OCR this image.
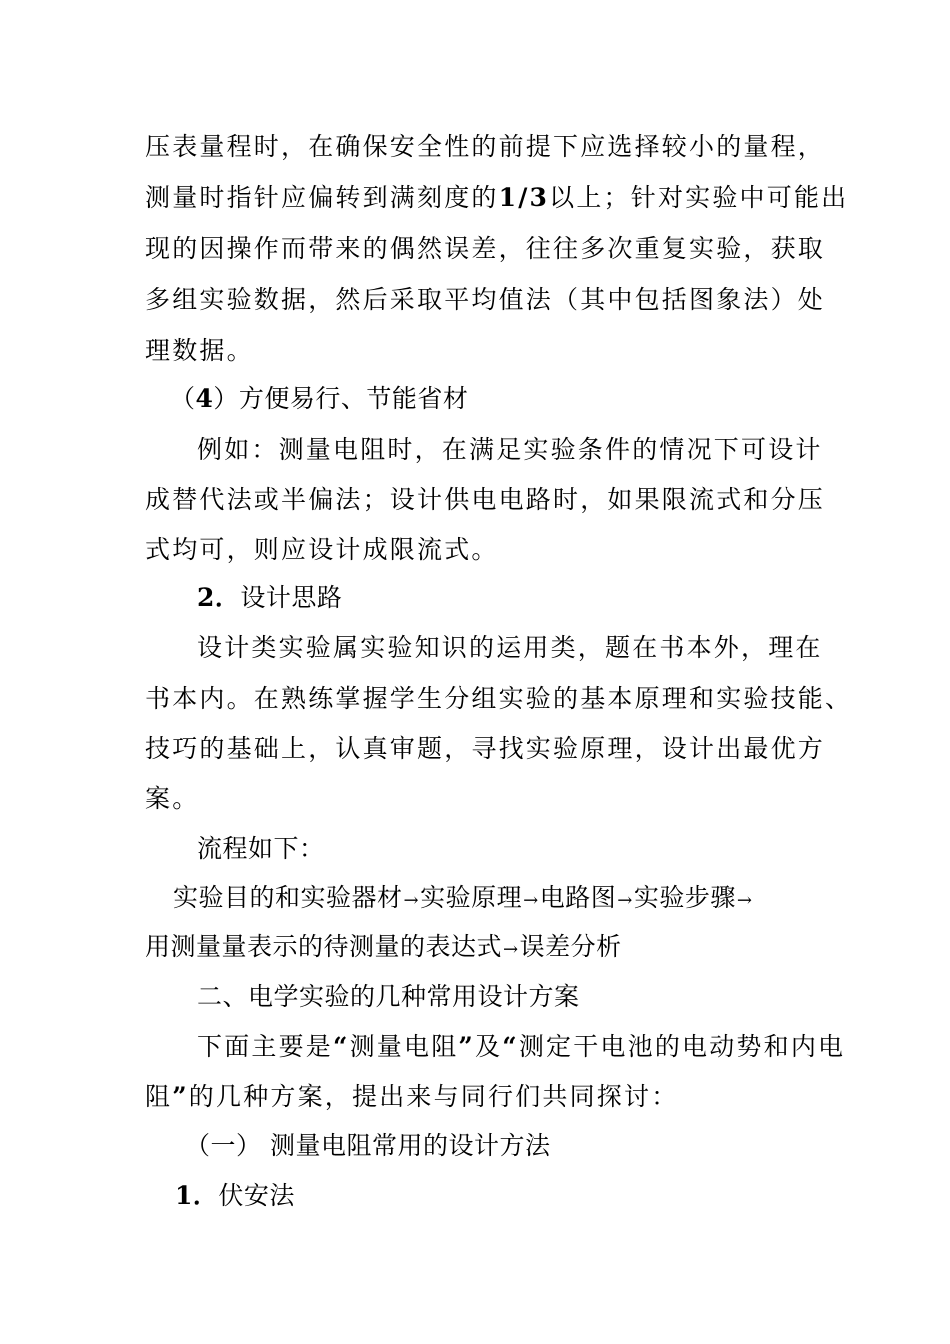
压表量程时，在确保安全性的前提下应选择较小的量程，
测量时指针应偏转到满刻度的1/3以上；针对实验中可能出
现的因操作而带来的偶然误差，往往多次重复实验，获取
多组实验数据，然后采取平均值法（其中包括图象法）处
理数据。
（4）方便易行、节能省材
例如：测量电阻时，在满足实验条件的情况下可设计
成替代法或半偏法；设计供电电路时，如果限流式和分压
式均可，则应设计成限流式。
2．设计思路
设计类实验属实验知识的运用类，题在书本外，理在
书本内。在熟练掌握学生分组实验的基本原理和实验技能、
技巧的基础上，认真审题，寻找实验原理，设计出最优方
案。
流程如下：
实验目的和实验器材→实验原理→电路图→实验步骤→
用测量量表示的待测量的表达式→误差分析
二、电学实验的几种常用设计方案
下面主要是“测量电阻”及“测定干电池的电动势和内电
阻”的几种方案，提出来与同行们共同探讨：
（一） 测量电阻常用的设计方法
1．伏安法
